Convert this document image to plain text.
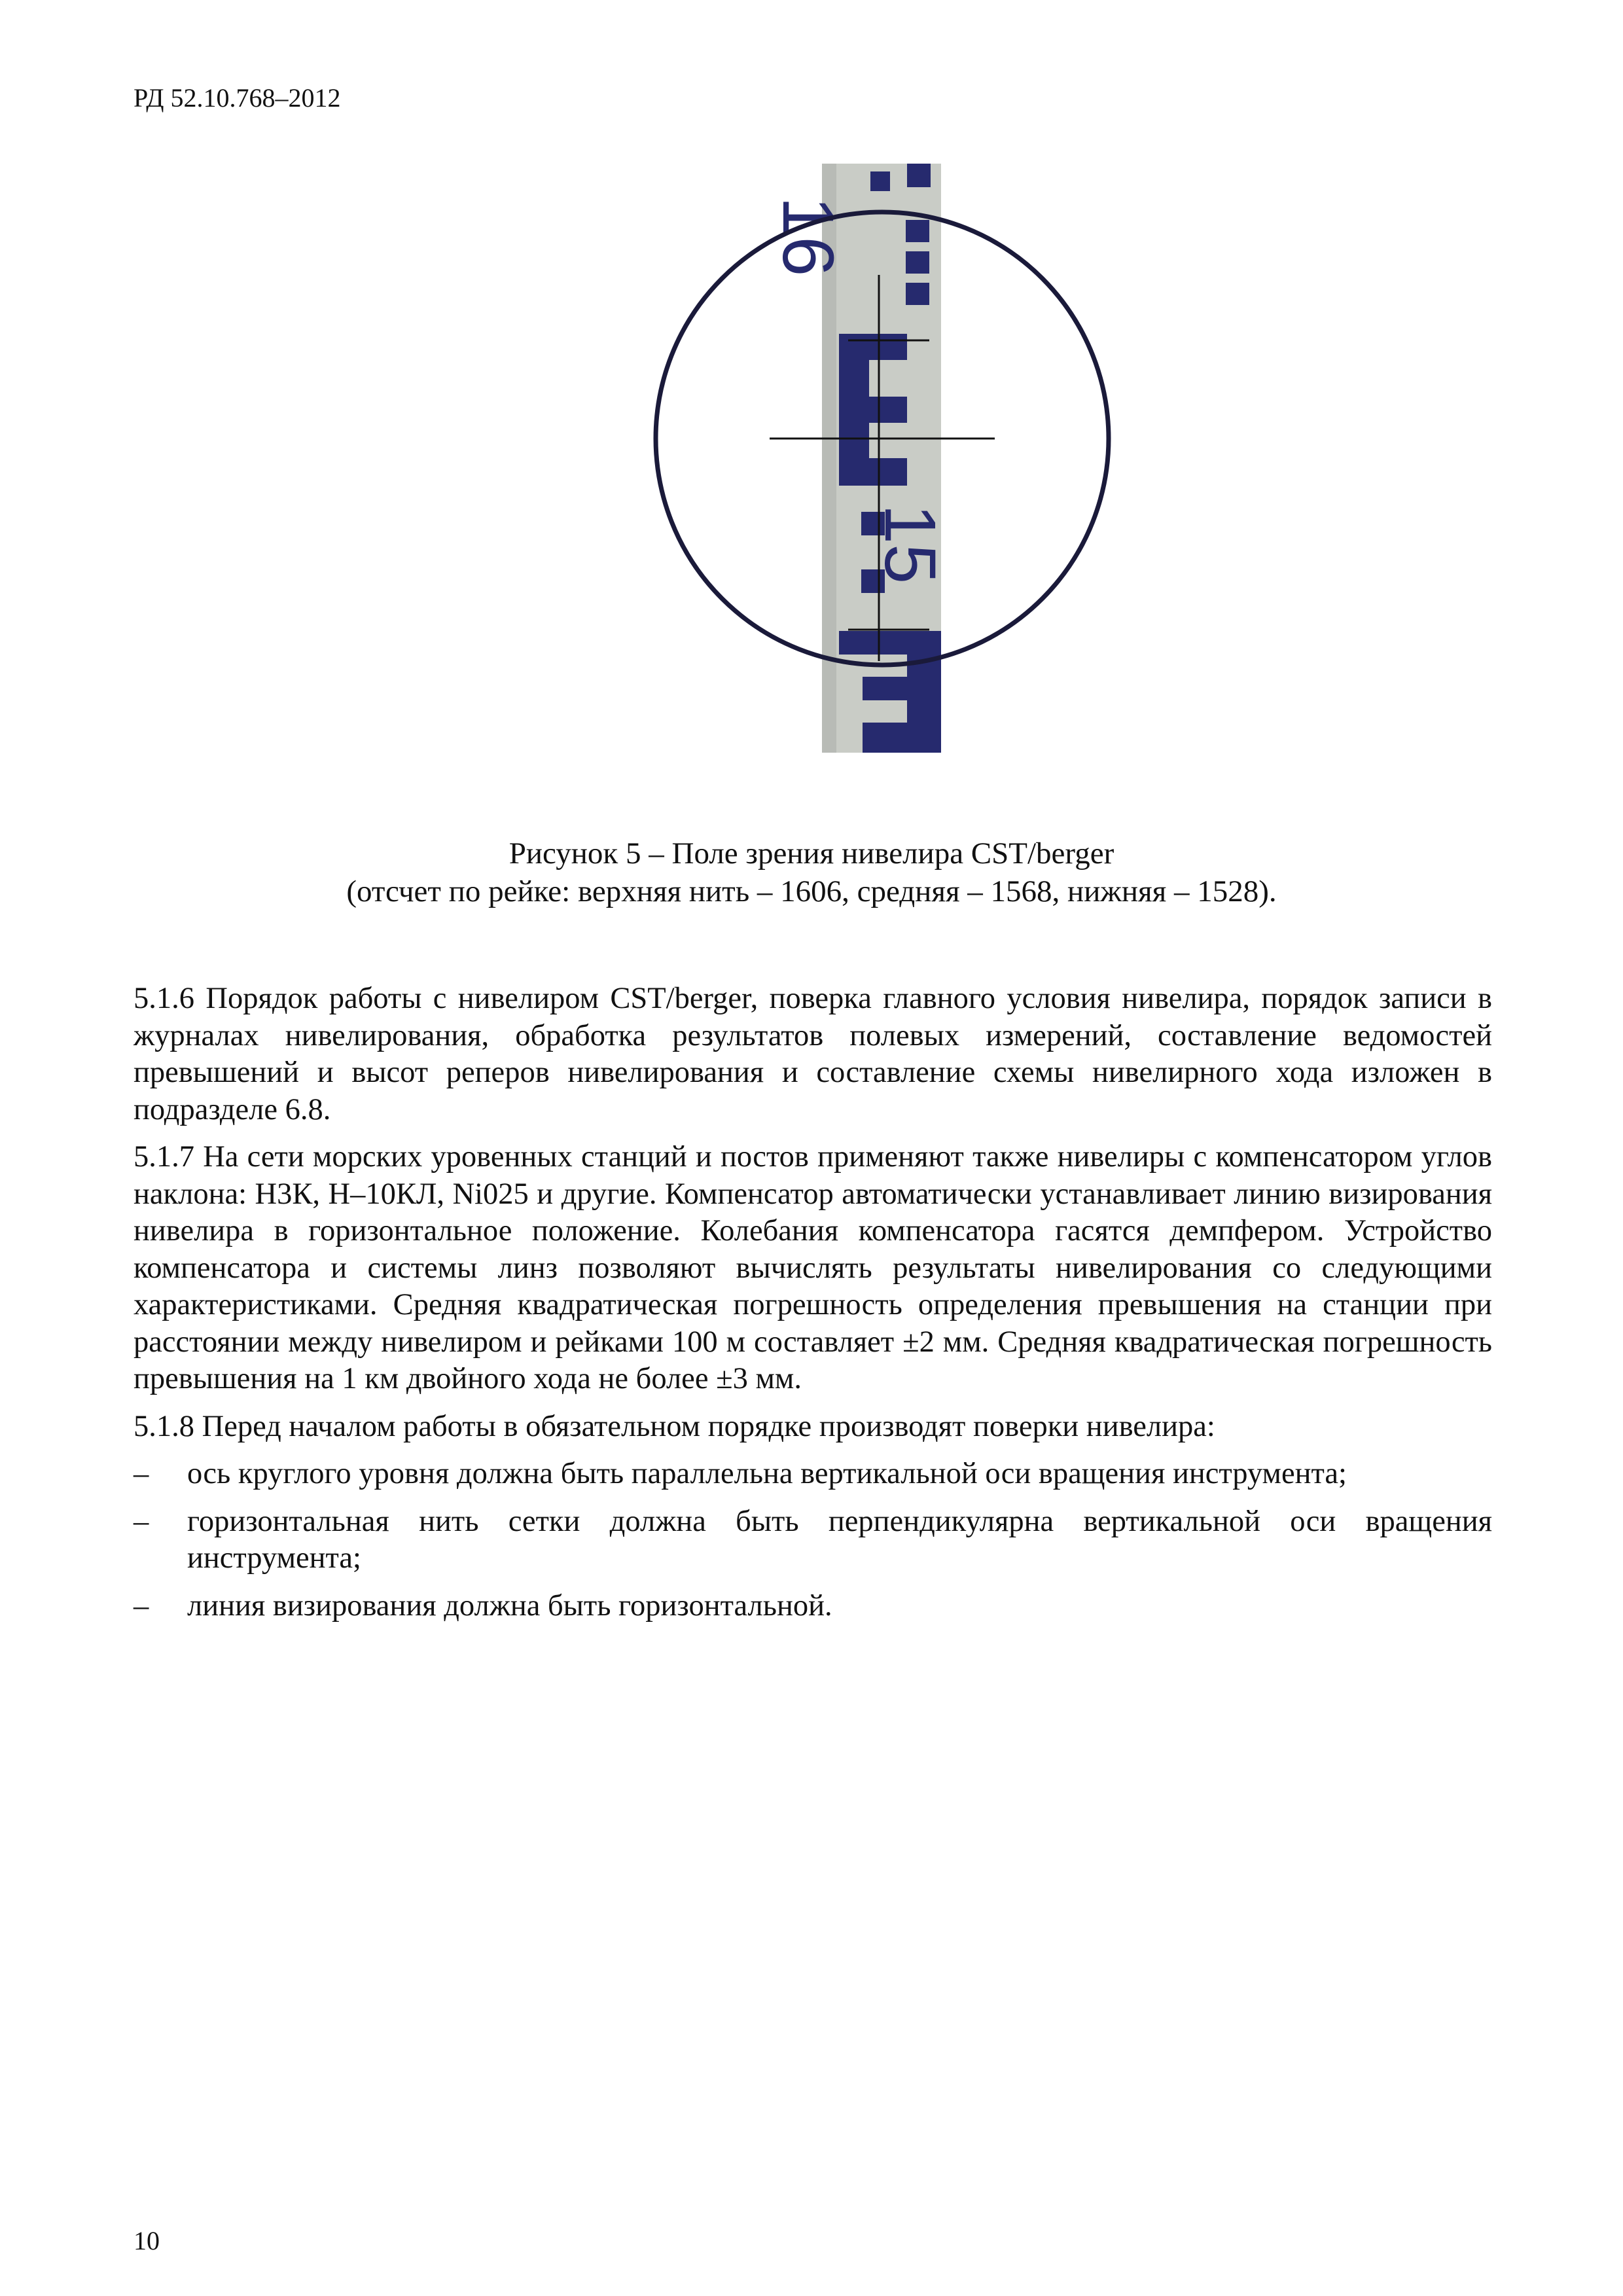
РД 52.10.768–2012
16
15
Рисунок 5 – Поле зрения нивелира CST/berger
(отсчет по рейке: верхняя нить – 1606, средняя – 1568, нижняя – 1528).

5.1.6 Порядок работы с нивелиром CST/berger, поверка главного условия нивелира, порядок записи в журналах нивелирования, обработка результатов полевых измерений, составление ведомостей превышений и высот реперов нивелирования и составление схемы нивелирного хода изложен в подразделе 6.8.

5.1.7 На сети морских уровенных станций и постов применяют также нивелиры с компенсатором углов наклона: Н3К, Н–10КЛ, Ni025 и другие. Компенсатор автоматически устанавливает линию визирования нивелира в горизонтальное положение. Колебания компенсатора гасятся демпфером. Устройство компенсатора и системы линз позволяют вычислять результаты нивелирования со следующими характеристиками. Средняя квадратическая погрешность определения превышения на станции при расстоянии между нивелиром и рейками 100 м составляет ±2 мм. Средняя квадратическая погрешность превышения на 1 км двойного хода не более ±3 мм.

5.1.8 Перед началом работы в обязательном порядке производят поверки нивелира:

– ось круглого уровня должна быть параллельна вертикальной оси вращения инструмента;
– горизонтальная нить сетки должна быть перпендикулярна вертикальной оси вращения инструмента;
– линия визирования должна быть горизонтальной.
10
